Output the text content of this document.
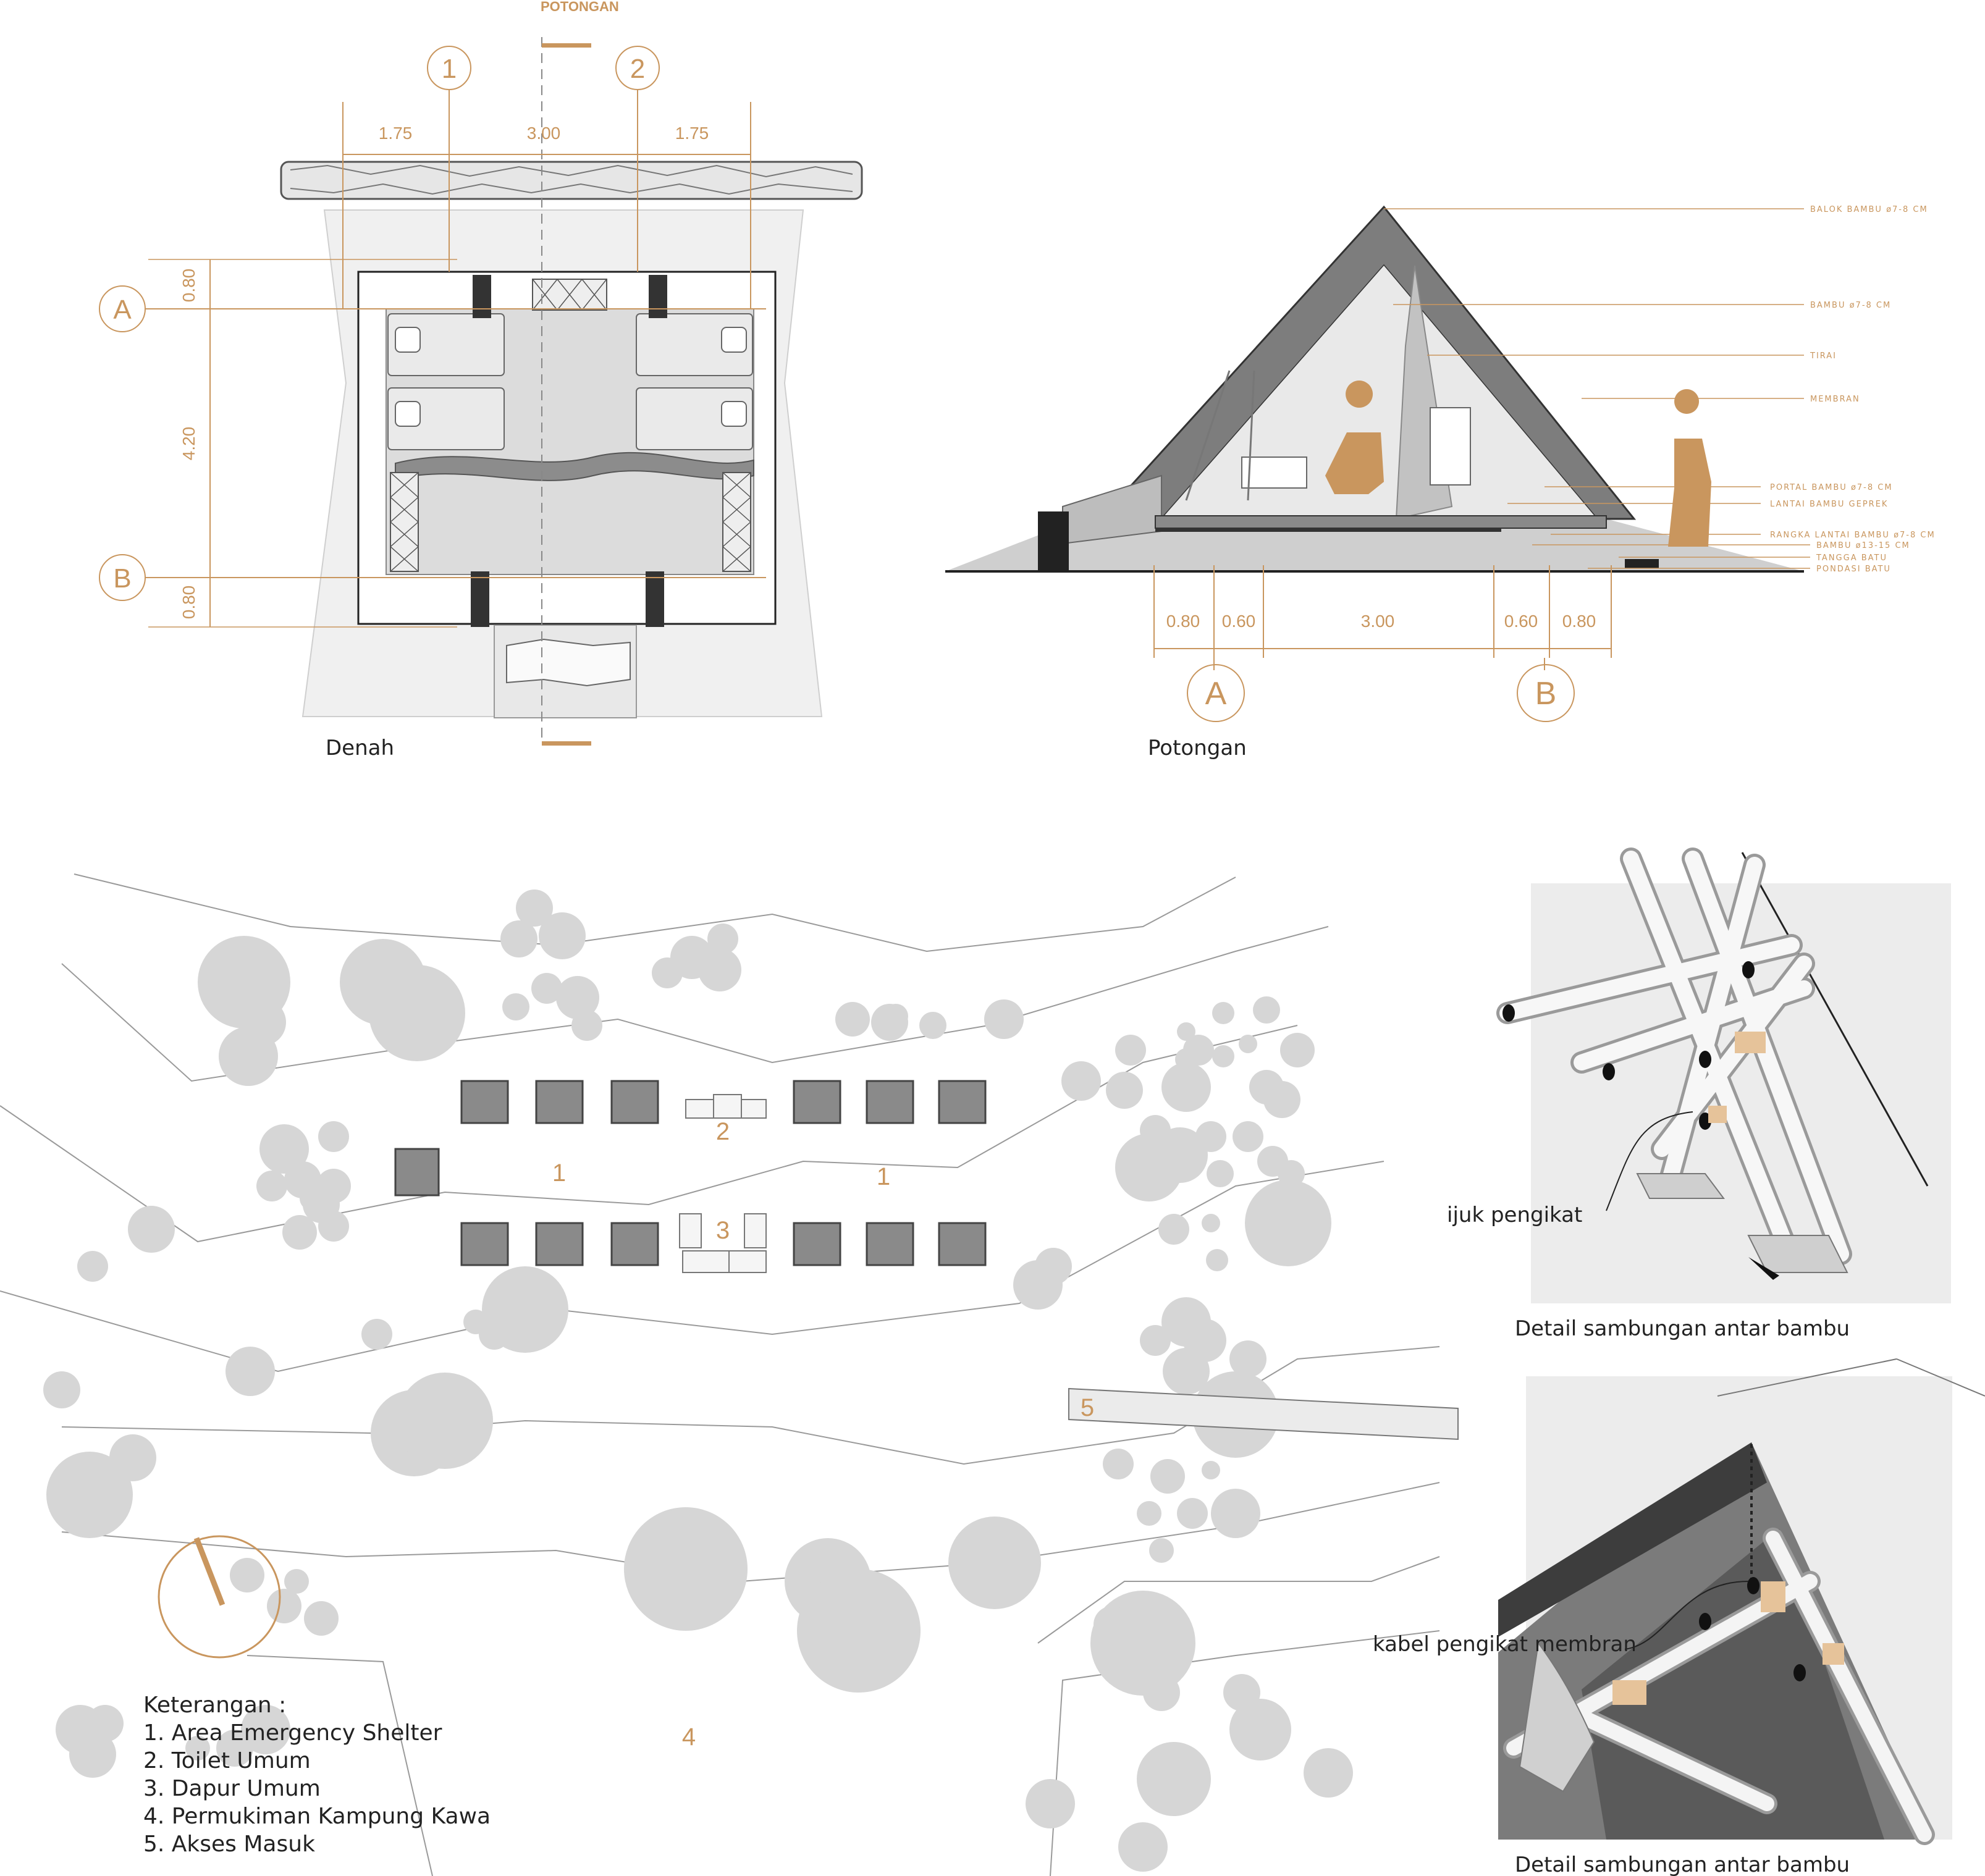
POTONGAN
1	2
1.75	3.00	1.75
A
B
0.80
4.20
0.80
Denah
0.80 0.60	3.00	0.60 0.80
A	B
BALOK BAMBU ø7-8 CM
BAMBU ø7-8 CM
TIRAI
MEMBRAN
PORTAL BAMBU ø7-8 CM
LANTAI BAMBU GEPREK
RANGKA LANTAI BAMBU ø7-8 CM
BAMBU ø13-15 CM
TANGGA BATU
PONDASI BATU
Potongan
2
1	1
3
4
5
Keterangan :
1. Area Emergency Shelter
2. Toilet Umum
3. Dapur Umum
4. Permukiman Kampung Kawa
5. Akses Masuk
ijuk pengikat
Detail sambungan antar bambu
kabel pengikat membran
Detail sambungan antar bambu
